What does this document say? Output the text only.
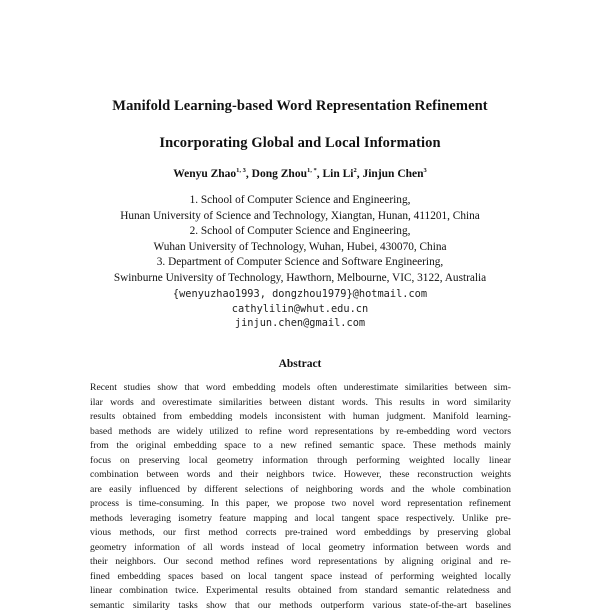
Manifold Learning-based Word Representation Refinement
Incorporating Global and Local Information
Wenyu Zhao$^{1, 3}$, Dong Zhou$^{1, *}$, Lin Li$^2$, Jinjun Chen$^3$
1. School of Computer Science and Engineering,
Hunan University of Science and Technology, Xiangtan, Hunan, 411201, China
2. School of Computer Science and Engineering,
Wuhan University of Technology, Wuhan, Hubei, 430070, China
3. Department of Computer Science and Software Engineering,
Swinburne University of Technology, Hawthorn, Melbourne, VIC, 3122, Australia
{wenyuzhao1993, dongzhou1979}@hotmail.com
cathylilin@whut.edu.cn
jinjun.chen@gmail.com
Abstract
Recent studies show that word embedding models often underestimate similarities between sim-
ilar words and overestimate similarities between distant words. This results in word similarity
results obtained from embedding models inconsistent with human judgment. Manifold learning-
based methods are widely utilized to refine word representations by re-embedding word vectors
from the original embedding space to a new refined semantic space. These methods mainly
focus on preserving local geometry information through performing weighted locally linear
combination between words and their neighbors twice. However, these reconstruction weights
are easily influenced by different selections of neighboring words and the whole combination
process is time-consuming. In this paper, we propose two novel word representation refinement
methods leveraging isometry feature mapping and local tangent space respectively. Unlike pre-
vious methods, our first method corrects pre-trained word embeddings by preserving global
geometry information of all words instead of local geometry information between words and
their neighbors. Our second method refines word representations by aligning original and re-
fined embedding spaces based on local tangent space instead of performing weighted locally
linear combination twice. Experimental results obtained from standard semantic relatedness and
semantic similarity tasks show that our methods outperform various state-of-the-art baselines
